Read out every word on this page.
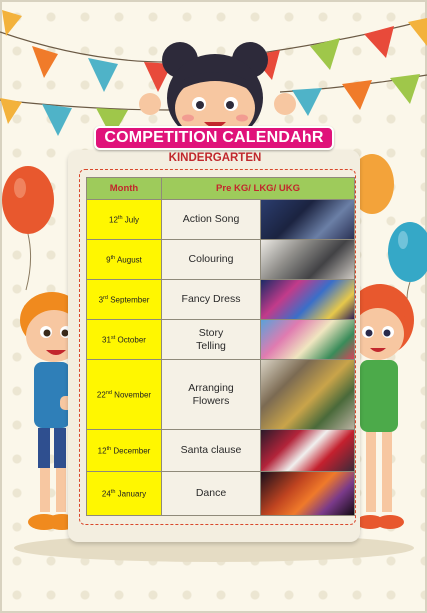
COMPETITION CALENDAhR
KINDERGARTEN
Month	Pre KG/ LKG/ UKG	
12th July	Action Song	

9th August	Colouring	

3rd September	Fancy Dress	

31st October	Story
Telling	

22nd November	Arranging
Flowers	

12th December	Santa clause	

24th January	Dance	
